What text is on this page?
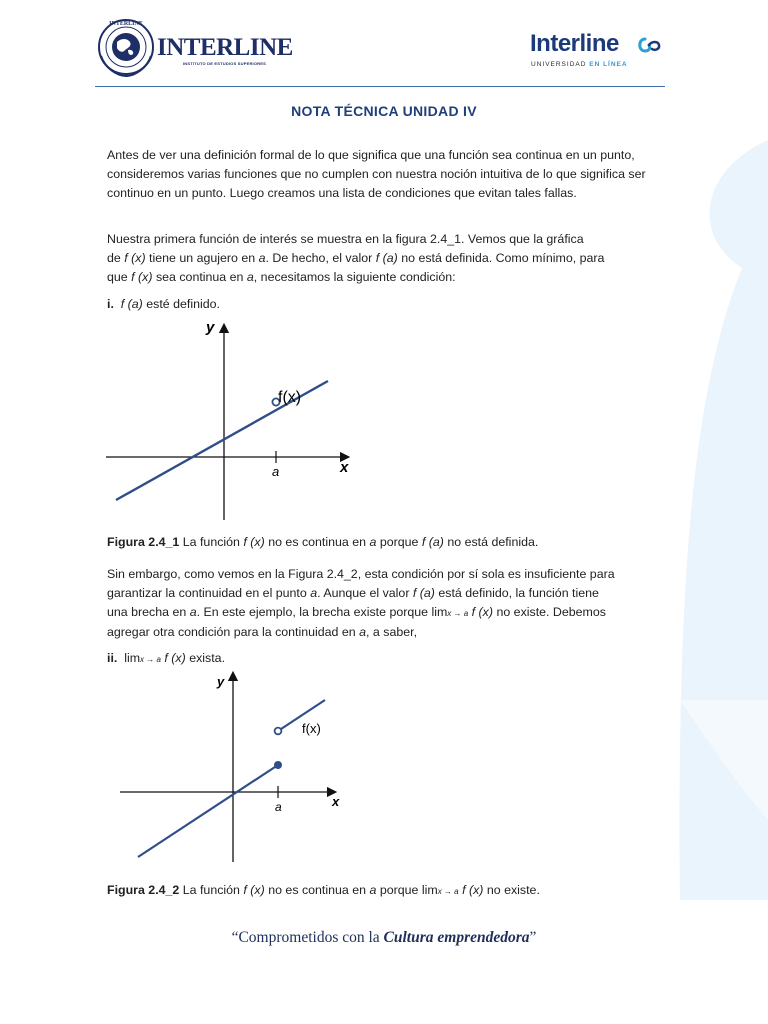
INTERLINE
INTERLINE
INSTITUTO DE ESTUDIOS SUPERIORES
Interline
UNIVERSIDAD EN LÍNEA
NOTA TÉCNICA UNIDAD IV

Antes de ver una definición formal de lo que significa que una función sea continua en un punto, consideremos varias funciones que no cumplen con nuestra noción intuitiva de lo que significa ser continuo en un punto. Luego creamos una lista de condiciones que evitan tales fallas.

Nuestra primera función de interés se muestra en la figura 2.4_1. Vemos que la gráfica
de f (x) tiene un agujero en a. De hecho, el valor f (a) no está definida. Como mínimo, para
que f (x) sea continua en a, necesitamos la siguiente condición:

i. f (a) esté definido.

y
x
a
f(x)
Figura 2.4_1 La función f (x) no es continua en a porque f (a) no está definida.

Sin embargo, como vemos en la Figura 2.4_2, esta condición por sí sola es insuficiente para
garantizar la continuidad en el punto a. Aunque el valor f (a) está definido, la función tiene
una brecha en a. En este ejemplo, la brecha existe porque limx → a f (x) no existe. Debemos
agregar otra condición para la continuidad en a, a saber,

ii. limx → a f (x) exista.

y
x
a
f(x)
Figura 2.4_2 La función f (x) no es continua en a porque limx → a f (x) no existe.
“Comprometidos con la Cultura emprendedora”
